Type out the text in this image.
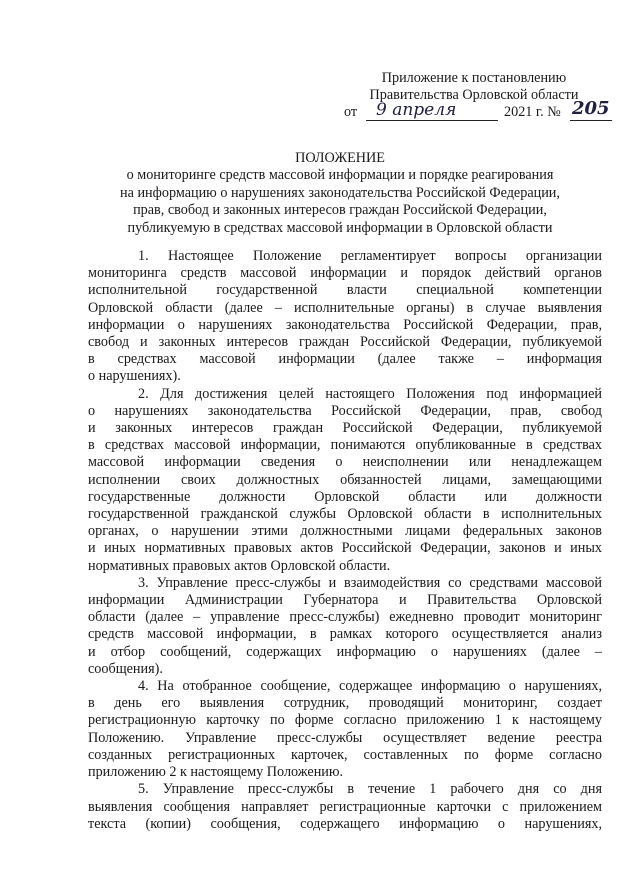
Приложение к постановлению
Правительства Орловской области
от 9 апреля	2021 г. № 205
ПОЛОЖЕНИЕ
о мониторинге средств массовой информации и порядке реагирования
на информацию о нарушениях законодательства Российской Федерации,
прав, свобод и законных интересов граждан Российской Федерации,
публикуемую в средствах массовой информации в Орловской области
1. Настоящее Положение регламентирует вопросы организации
мониторинга средств массовой информации и порядок действий органов
исполнительной государственной власти специальной компетенции
Орловской области (далее – исполнительные органы) в случае выявления
информации о нарушениях законодательства Российской Федерации, прав,
свобод и законных интересов граждан Российской Федерации, публикуемой
в средствах массовой информации (далее также – информация
о нарушениях).
2. Для достижения целей настоящего Положения под информацией
о нарушениях законодательства Российской Федерации, прав, свобод
и законных интересов граждан Российской Федерации, публикуемой
в средствах массовой информации, понимаются опубликованные в средствах
массовой информации сведения о неисполнении или ненадлежащем
исполнении своих должностных обязанностей лицами, замещающими
государственные должности Орловской области или должности
государственной гражданской службы Орловской области в исполнительных
органах, о нарушении этими должностными лицами федеральных законов
и иных нормативных правовых актов Российской Федерации, законов и иных
нормативных правовых актов Орловской области.
3. Управление пресс-службы и взаимодействия со средствами массовой
информации Администрации Губернатора и Правительства Орловской
области (далее – управление пресс-службы) ежедневно проводит мониторинг
средств массовой информации, в рамках которого осуществляется анализ
и отбор сообщений, содержащих информацию о нарушениях (далее –
сообщения).
4. На отобранное сообщение, содержащее информацию о нарушениях,
в день его выявления сотрудник, проводящий мониторинг, создает
регистрационную карточку по форме согласно приложению 1 к настоящему
Положению. Управление пресс-службы осуществляет ведение реестра
созданных регистрационных карточек, составленных по форме согласно
приложению 2 к настоящему Положению.
5. Управление пресс-службы в течение 1 рабочего дня со дня
выявления сообщения направляет регистрационные карточки с приложением
текста (копии) сообщения, содержащего информацию о нарушениях,
